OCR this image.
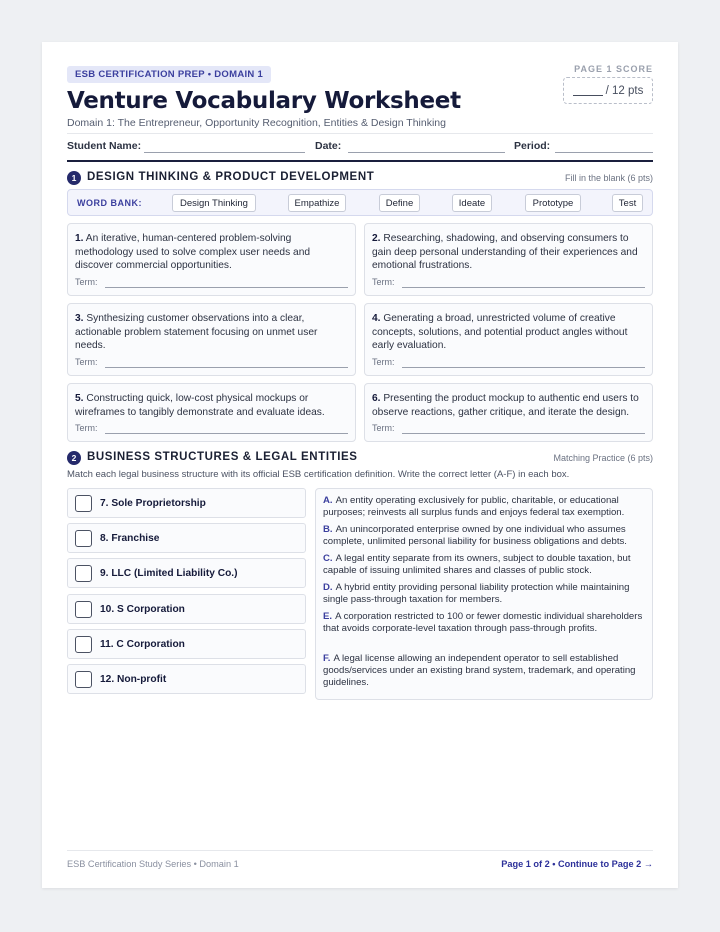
ESB CERTIFICATION PREP • DOMAIN 1
Venture Vocabulary Worksheet
Domain 1: The Entrepreneur, Opportunity Recognition, Entities & Design Thinking
PAGE 1 SCORE
/ 12 pts
Student Name:	Date:	Period:
1 DESIGN THINKING & PRODUCT DEVELOPMENT	Fill in the blank (6 pts)
WORD BANK:	Design Thinking	Empathize	Define	Ideate	Prototype	Test
1. An iterative, human-centered problem-solving methodology used to solve complex user needs and discover commercial opportunities.
Term:
2. Researching, shadowing, and observing consumers to gain deep personal understanding of their experiences and emotional frustrations.
Term:
3. Synthesizing customer observations into a clear, actionable problem statement focusing on unmet user needs.
Term:
4. Generating a broad, unrestricted volume of creative concepts, solutions, and potential product angles without early evaluation.
Term:
5. Constructing quick, low-cost physical mockups or wireframes to tangibly demonstrate and evaluate ideas.
Term:
6. Presenting the product mockup to authentic end users to observe reactions, gather critique, and iterate the design.
Term:
2 BUSINESS STRUCTURES & LEGAL ENTITIES	Matching Practice (6 pts)
Match each legal business structure with its official ESB certification definition. Write the correct letter (A-F) in each box.
7. Sole Proprietorship
8. Franchise
9. LLC (Limited Liability Co.)
10. S Corporation
11. C Corporation
12. Non-profit
A. An entity operating exclusively for public, charitable, or educational purposes; reinvests all surplus funds and enjoys federal tax exemption.
B. An unincorporated enterprise owned by one individual who assumes complete, unlimited personal liability for business obligations and debts.
C. A legal entity separate from its owners, subject to double taxation, but capable of issuing unlimited shares and classes of public stock.
D. A hybrid entity providing personal liability protection while maintaining single pass-through taxation for members.
E. A corporation restricted to 100 or fewer domestic individual shareholders that avoids corporate-level taxation through pass-through profits.
F. A legal license allowing an independent operator to sell established goods/services under an existing brand system, trademark, and operating guidelines.
ESB Certification Study Series • Domain 1	Page 1 of 2 • Continue to Page 2 →
